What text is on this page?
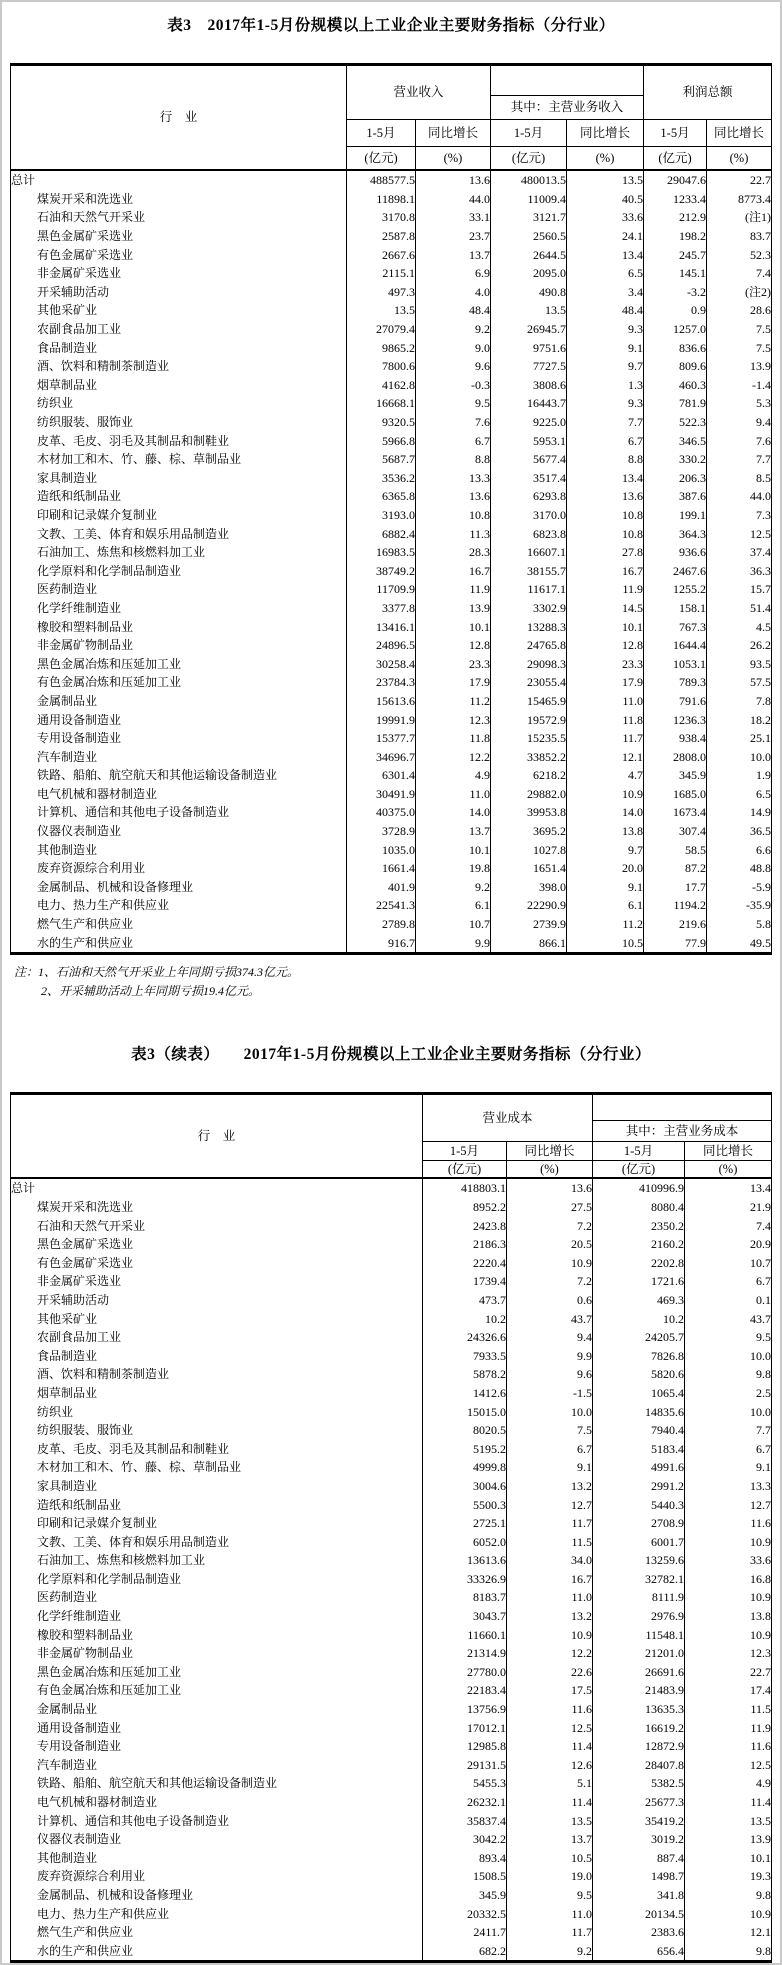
表3　2017年1-5月份规模以上工业企业主要财务指标（分行业）
行　业	营业收入				利润总额	
			其中：主营业务收入			
	1-5月	同比增长	1-5月	同比增长	1-5月	同比增长
	(亿元)	(%)	(亿元)	(%)	(亿元)	(%)
总计	488577.5	13.6	480013.5	13.5	29047.6	22.7
煤炭开采和洗选业	11898.1	44.0	11009.4	40.5	1233.4	8773.4
石油和天然气开采业	3170.8	33.1	3121.7	33.6	212.9	(注1)
黑色金属矿采选业	2587.8	23.7	2560.5	24.1	198.2	83.7
有色金属矿采选业	2667.6	13.7	2644.5	13.4	245.7	52.3
非金属矿采选业	2115.1	6.9	2095.0	6.5	145.1	7.4
开采辅助活动	497.3	4.0	490.8	3.4	-3.2	(注2)
其他采矿业	13.5	48.4	13.5	48.4	0.9	28.6
农副食品加工业	27079.4	9.2	26945.7	9.3	1257.0	7.5
食品制造业	9865.2	9.0	9751.6	9.1	836.6	7.5
酒、饮料和精制茶制造业	7800.6	9.6	7727.5	9.7	809.6	13.9
烟草制品业	4162.8	-0.3	3808.6	1.3	460.3	-1.4
纺织业	16668.1	9.5	16443.7	9.3	781.9	5.3
纺织服装、服饰业	9320.5	7.6	9225.0	7.7	522.3	9.4
皮革、毛皮、羽毛及其制品和制鞋业	5966.8	6.7	5953.1	6.7	346.5	7.6
木材加工和木、竹、藤、棕、草制品业	5687.7	8.8	5677.4	8.8	330.2	7.7
家具制造业	3536.2	13.3	3517.4	13.4	206.3	8.5
造纸和纸制品业	6365.8	13.6	6293.8	13.6	387.6	44.0
印刷和记录媒介复制业	3193.0	10.8	3170.0	10.8	199.1	7.3
文教、工美、体育和娱乐用品制造业	6882.4	11.3	6823.8	10.8	364.3	12.5
石油加工、炼焦和核燃料加工业	16983.5	28.3	16607.1	27.8	936.6	37.4
化学原料和化学制品制造业	38749.2	16.7	38155.7	16.7	2467.6	36.3
医药制造业	11709.9	11.9	11617.1	11.9	1255.2	15.7
化学纤维制造业	3377.8	13.9	3302.9	14.5	158.1	51.4
橡胶和塑料制品业	13416.1	10.1	13288.3	10.1	767.3	4.5
非金属矿物制品业	24896.5	12.8	24765.8	12.8	1644.4	26.2
黑色金属冶炼和压延加工业	30258.4	23.3	29098.3	23.3	1053.1	93.5
有色金属冶炼和压延加工业	23784.3	17.9	23055.4	17.9	789.3	57.5
金属制品业	15613.6	11.2	15465.9	11.0	791.6	7.8
通用设备制造业	19991.9	12.3	19572.9	11.8	1236.3	18.2
专用设备制造业	15377.7	11.8	15235.5	11.7	938.4	25.1
汽车制造业	34696.7	12.2	33852.2	12.1	2808.0	10.0
铁路、船舶、航空航天和其他运输设备制造业	6301.4	4.9	6218.2	4.7	345.9	1.9
电气机械和器材制造业	30491.9	11.0	29882.0	10.9	1685.0	6.5
计算机、通信和其他电子设备制造业	40375.0	14.0	39953.8	14.0	1673.4	14.9
仪器仪表制造业	3728.9	13.7	3695.2	13.8	307.4	36.5
其他制造业	1035.0	10.1	1027.8	9.7	58.5	6.6
废弃资源综合利用业	1661.4	19.8	1651.4	20.0	87.2	48.8
金属制品、机械和设备修理业	401.9	9.2	398.0	9.1	17.7	-5.9
电力、热力生产和供应业	22541.3	6.1	22290.9	6.1	1194.2	-35.9
燃气生产和供应业	2789.8	10.7	2739.9	11.2	219.6	5.8
水的生产和供应业	916.7	9.9	866.1	10.5	77.9	49.5
注：1、石油和天然气开采业上年同期亏损374.3亿元。
2、开采辅助活动上年同期亏损19.4亿元。
表3（续表）　　2017年1-5月份规模以上工业企业主要财务指标（分行业）
行　业	营业成本			
			其中：主营业务成本	
	1-5月	同比增长	1-5月	同比增长
	(亿元)	(%)	(亿元)	(%)
总计	418803.1	13.6	410996.9	13.4
煤炭开采和洗选业	8952.2	27.5	8080.4	21.9
石油和天然气开采业	2423.8	7.2	2350.2	7.4
黑色金属矿采选业	2186.3	20.5	2160.2	20.9
有色金属矿采选业	2220.4	10.9	2202.8	10.7
非金属矿采选业	1739.4	7.2	1721.6	6.7
开采辅助活动	473.7	0.6	469.3	0.1
其他采矿业	10.2	43.7	10.2	43.7
农副食品加工业	24326.6	9.4	24205.7	9.5
食品制造业	7933.5	9.9	7826.8	10.0
酒、饮料和精制茶制造业	5878.2	9.6	5820.6	9.8
烟草制品业	1412.6	-1.5	1065.4	2.5
纺织业	15015.0	10.0	14835.6	10.0
纺织服装、服饰业	8020.5	7.5	7940.4	7.7
皮革、毛皮、羽毛及其制品和制鞋业	5195.2	6.7	5183.4	6.7
木材加工和木、竹、藤、棕、草制品业	4999.8	9.1	4991.6	9.1
家具制造业	3004.6	13.2	2991.2	13.3
造纸和纸制品业	5500.3	12.7	5440.3	12.7
印刷和记录媒介复制业	2725.1	11.7	2708.9	11.6
文教、工美、体育和娱乐用品制造业	6052.0	11.5	6001.7	10.9
石油加工、炼焦和核燃料加工业	13613.6	34.0	13259.6	33.6
化学原料和化学制品制造业	33326.9	16.7	32782.1	16.8
医药制造业	8183.7	11.0	8111.9	10.9
化学纤维制造业	3043.7	13.2	2976.9	13.8
橡胶和塑料制品业	11660.1	10.9	11548.1	10.9
非金属矿物制品业	21314.9	12.2	21201.0	12.3
黑色金属冶炼和压延加工业	27780.0	22.6	26691.6	22.7
有色金属冶炼和压延加工业	22183.4	17.5	21483.9	17.4
金属制品业	13756.9	11.6	13635.3	11.5
通用设备制造业	17012.1	12.5	16619.2	11.9
专用设备制造业	12985.8	11.4	12872.9	11.6
汽车制造业	29131.5	12.6	28407.8	12.5
铁路、船舶、航空航天和其他运输设备制造业	5455.3	5.1	5382.5	4.9
电气机械和器材制造业	26232.1	11.4	25677.3	11.4
计算机、通信和其他电子设备制造业	35837.4	13.5	35419.2	13.5
仪器仪表制造业	3042.2	13.7	3019.2	13.9
其他制造业	893.4	10.5	887.4	10.1
废弃资源综合利用业	1508.5	19.0	1498.7	19.3
金属制品、机械和设备修理业	345.9	9.5	341.8	9.8
电力、热力生产和供应业	20332.5	11.0	20134.5	10.9
燃气生产和供应业	2411.7	11.7	2383.6	12.1
水的生产和供应业	682.2	9.2	656.4	9.8
